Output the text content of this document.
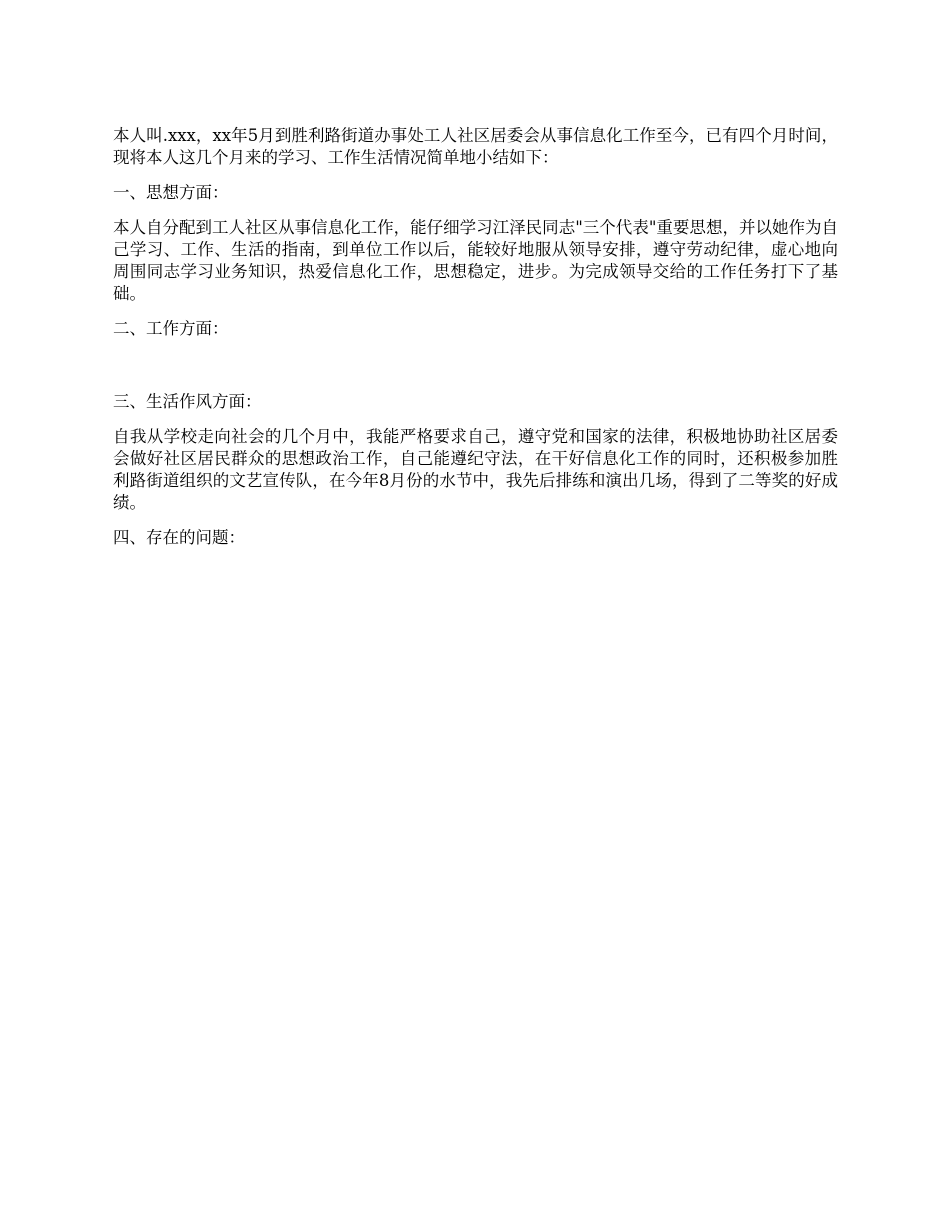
本人叫.xxx，xx年5月到胜利路街道办事处工人社区居委会从事信息化工作至今，已有四个月时间，现将本人这几个月来的学习、工作生活情况简单地小结如下：

一、思想方面：

本人自分配到工人社区从事信息化工作，能仔细学习江泽民同志"三个代表"重要思想，并以她作为自己学习、工作、生活的指南，到单位工作以后，能较好地服从领导安排，遵守劳动纪律，虚心地向周围同志学习业务知识，热爱信息化工作，思想稳定，进步。为完成领导交给的工作任务打下了基础。

二、工作方面：

三、生活作风方面：

自我从学校走向社会的几个月中，我能严格要求自己，遵守党和国家的法律，积极地协助社区居委会做好社区居民群众的思想政治工作，自己能遵纪守法，在干好信息化工作的同时，还积极参加胜利路街道组织的文艺宣传队，在今年8月份的水节中，我先后排练和演出几场，得到了二等奖的好成绩。

四、存在的问题：
